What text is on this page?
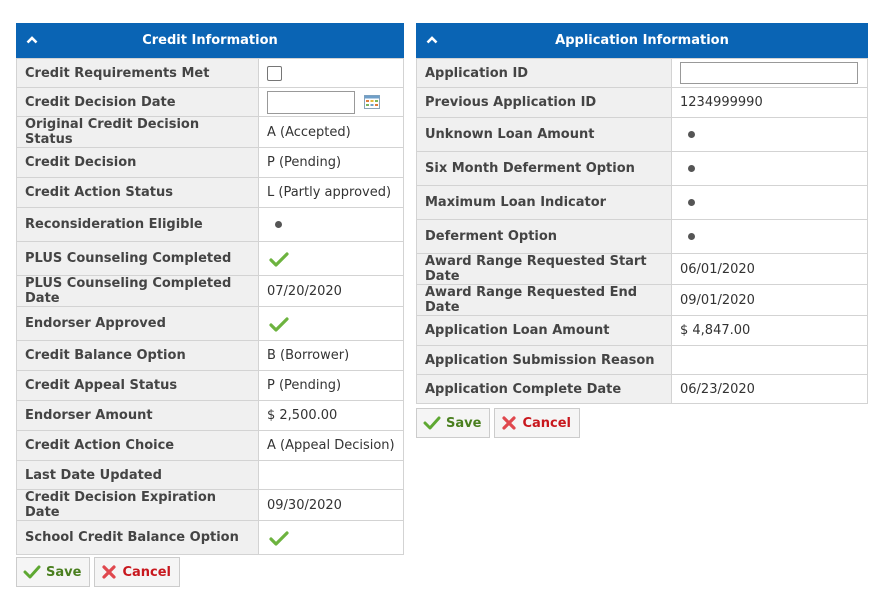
Credit Information
Credit Requirements Met	
Credit Decision Date	
Original Credit Decision Status	A (Accepted)
Credit Decision	P (Pending)
Credit Action Status	L (Partly approved)
Reconsideration Eligible	
PLUS Counseling Completed	

PLUS Counseling Completed Date	07/20/2020
Endorser Approved	

Credit Balance Option	B (Borrower)
Credit Appeal Status	P (Pending)
Endorser Amount	$ 2,500.00
Credit Action Choice	A (Appeal Decision)
Last Date Updated	
Credit Decision Expiration Date	09/30/2020
School Credit Balance Option	
Save	Cancel
Application Information
Application ID	

Previous Application ID	1234999990
Unknown Loan Amount	
Six Month Deferment Option	
Maximum Loan Indicator	
Deferment Option	
Award Range Requested Start Date	06/01/2020
Award Range Requested End Date	09/01/2020
Application Loan Amount	$ 4,847.00
Application Submission Reason	
Application Complete Date	06/23/2020
Save	Cancel
